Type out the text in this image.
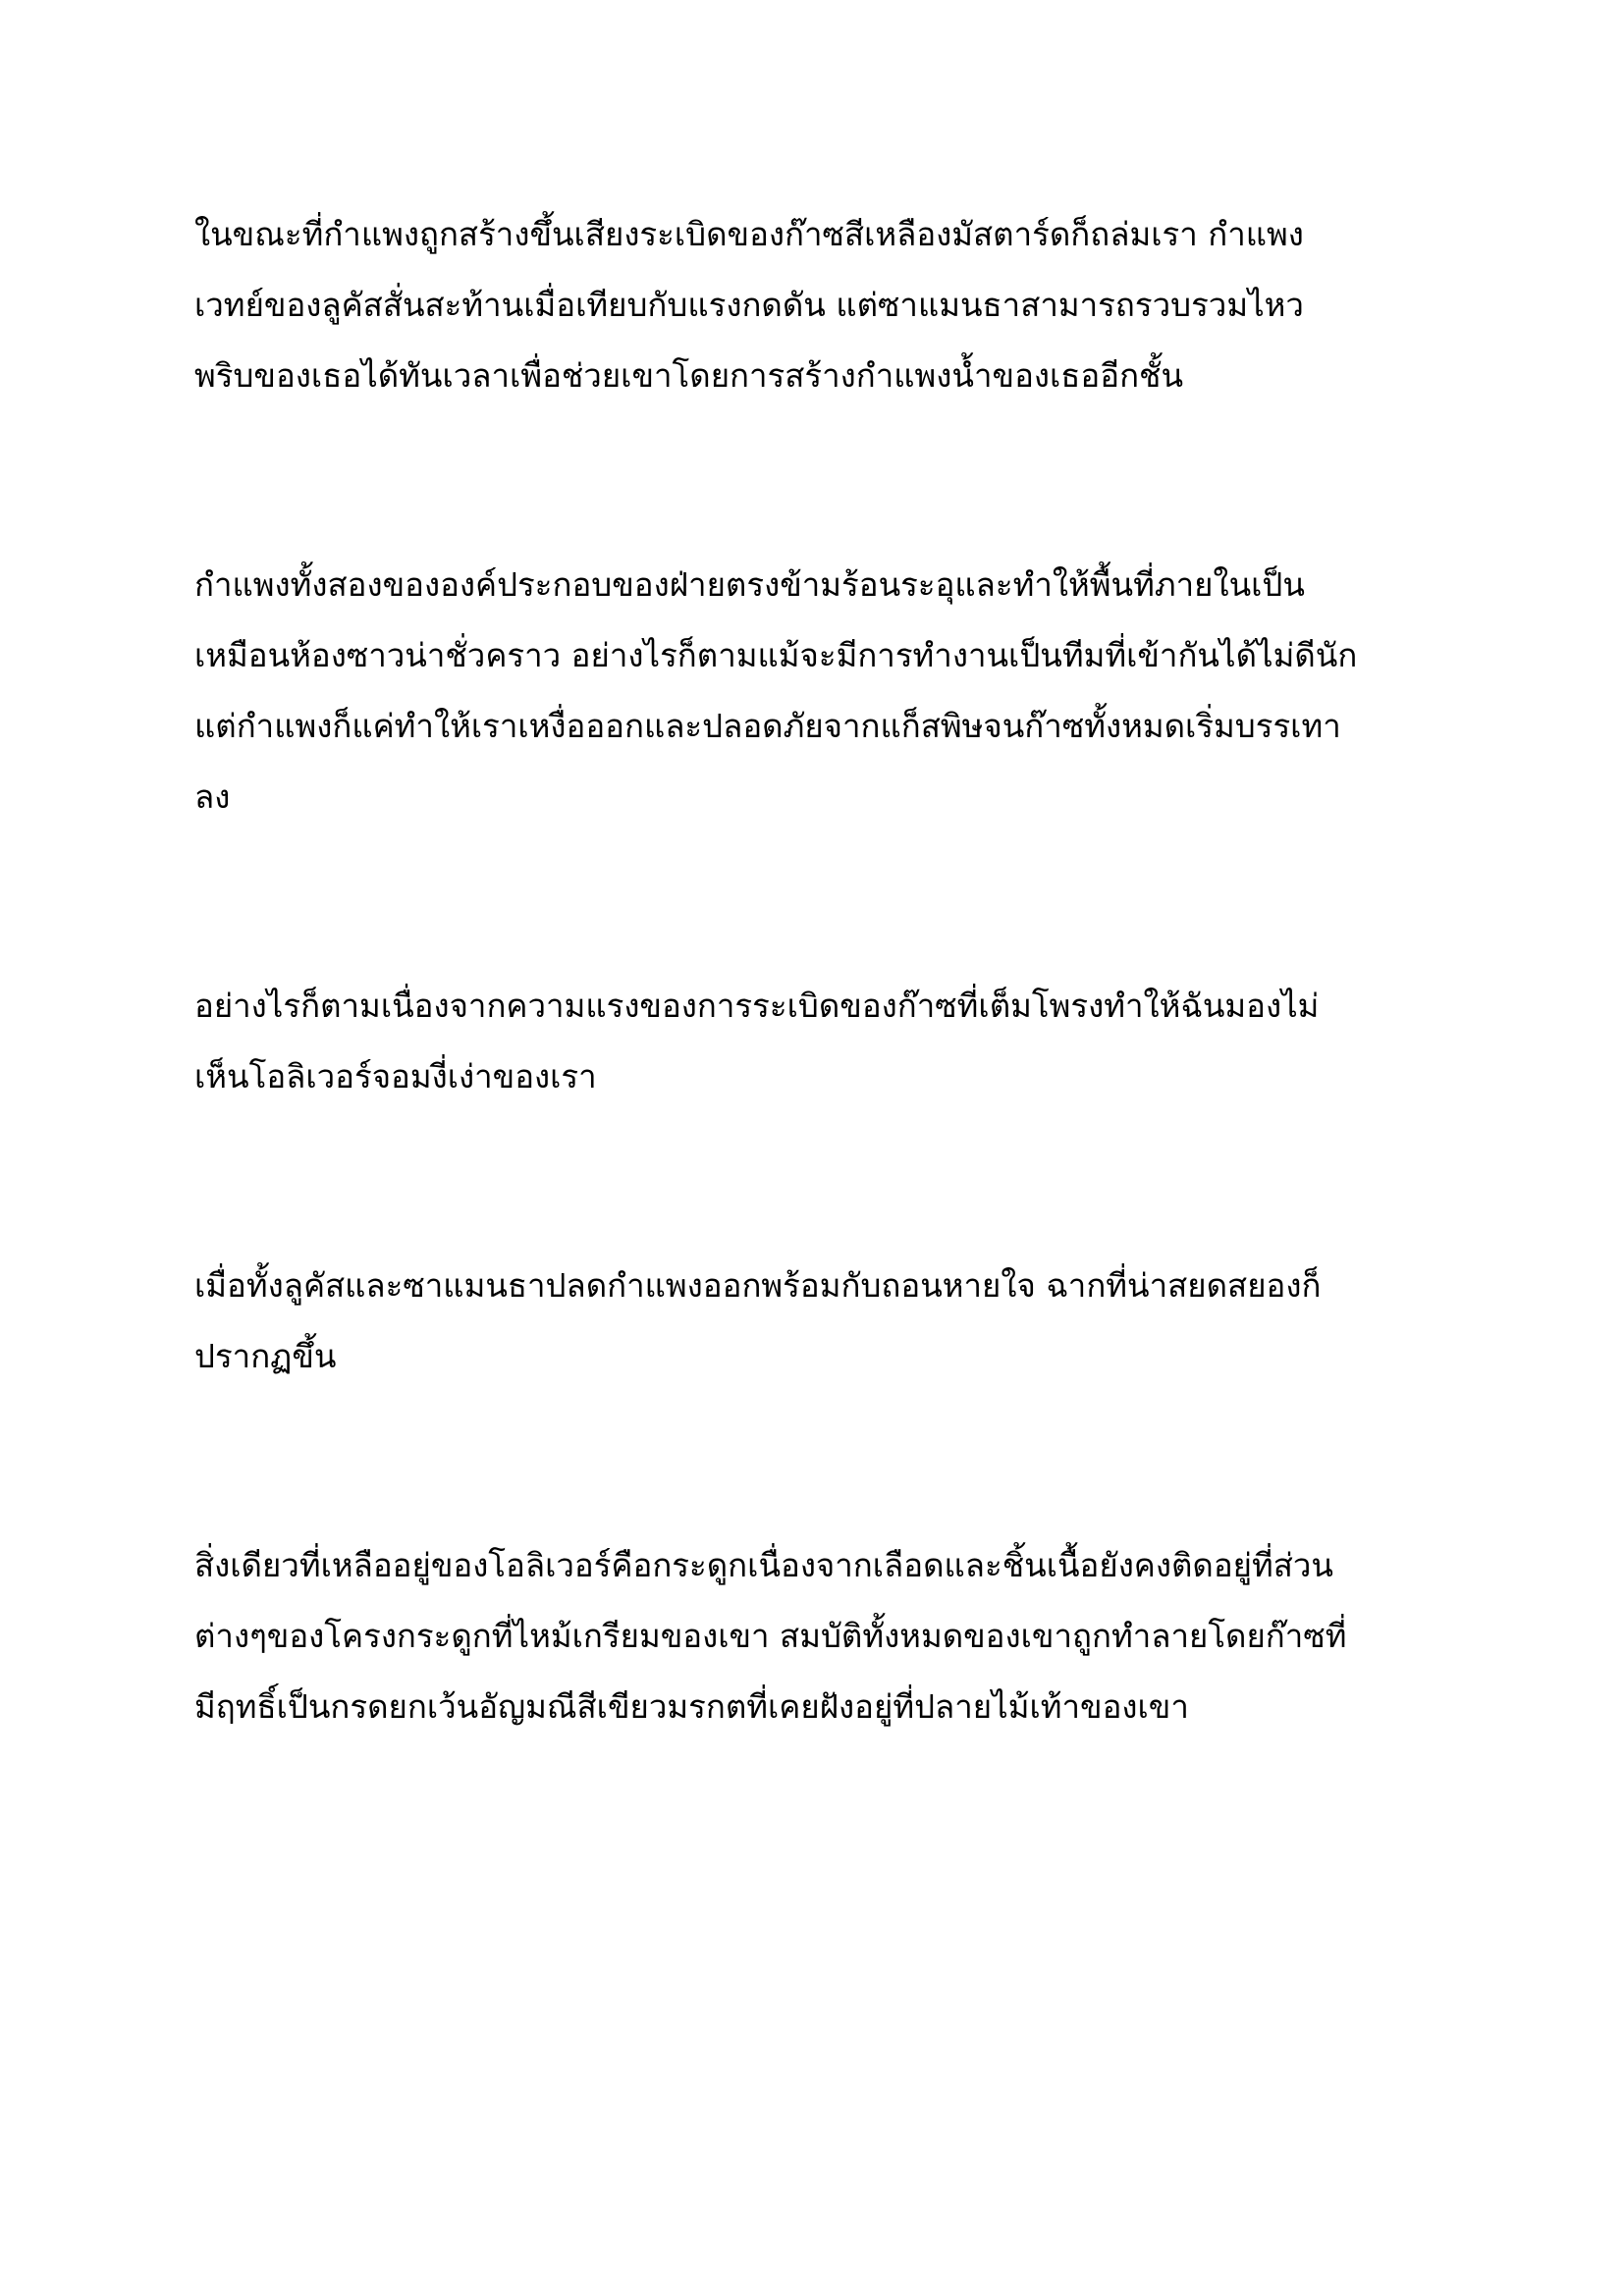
ในขณะที่กำแพงถูกสร้างขึ้นเสียงระเบิดของก๊าซสีเหลืองมัสตาร์ดก็ถล่มเรา กำแพง
เวทย์ของลูคัสสั่นสะท้านเมื่อเทียบกับแรงกดดัน แต่ซาแมนธาสามารถรวบรวมไหว
พริบของเธอได้ทันเวลาเพื่อช่วยเขาโดยการสร้างกำแพงน้ำของเธออีกชั้น
กำแพงทั้งสองขององค์ประกอบของฝ่ายตรงข้ามร้อนระอุและทำให้พื้นที่ภายในเป็น
เหมือนห้องซาวน่าชั่วคราว อย่างไรก็ตามแม้จะมีการทำงานเป็นทีมที่เข้ากันได้ไม่ดีนัก
แต่กำแพงก็แค่ทำให้เราเหงื่อออกและปลอดภัยจากแก็สพิษจนก๊าซทั้งหมดเริ่มบรรเทา
ลง
อย่างไรก็ตามเนื่องจากความแรงของการระเบิดของก๊าซที่เต็มโพรงทำให้ฉันมองไม่
เห็นโอลิเวอร์จอมงี่เง่าของเรา
เมื่อทั้งลูคัสและซาแมนธาปลดกำแพงออกพร้อมกับถอนหายใจ ฉากที่น่าสยดสยองก็
ปรากฏขึ้น
สิ่งเดียวที่เหลืออยู่ของโอลิเวอร์คือกระดูกเนื่องจากเลือดและชิ้นเนื้อยังคงติดอยู่ที่ส่วน
ต่างๆของโครงกระดูกที่ไหม้เกรียมของเขา สมบัติทั้งหมดของเขาถูกทำลายโดยก๊าซที่
มีฤทธิ์เป็นกรดยกเว้นอัญมณีสีเขียวมรกตที่เคยฝังอยู่ที่ปลายไม้เท้าของเขา
